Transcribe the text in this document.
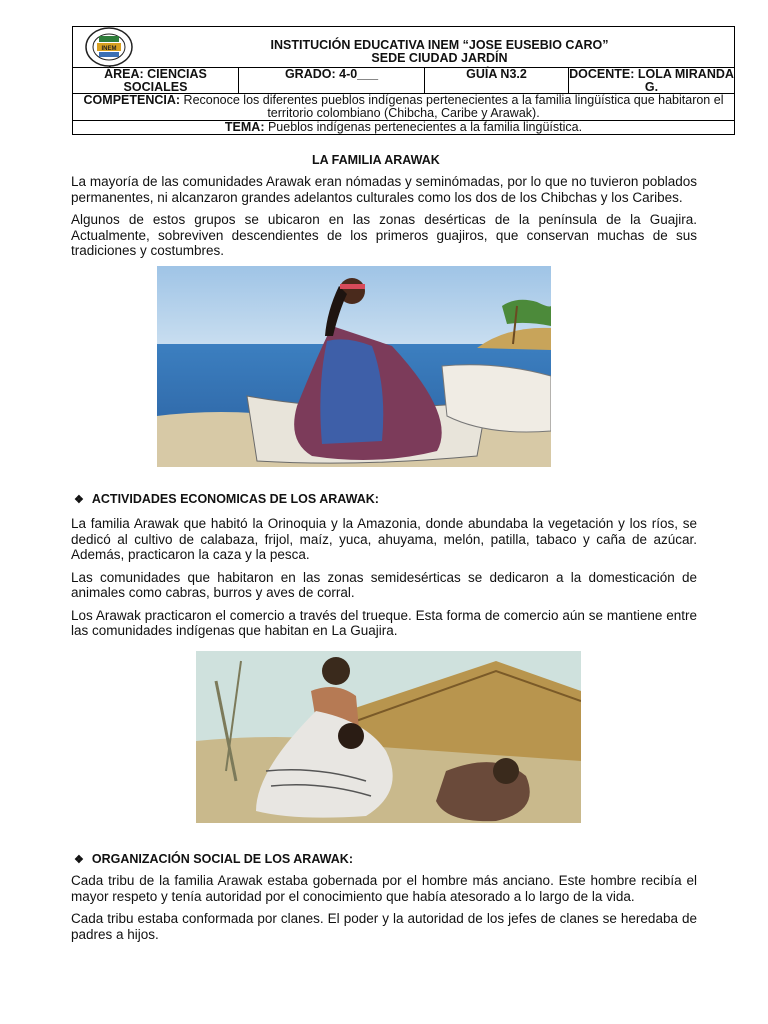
INEM	INSTITUCIÓN EDUCATIVA INEM “JOSE EUSEBIO CARO”
SEDE CIUDAD JARDÍN
ÁREA: CIENCIAS SOCIALES
GRADO: 4-0___	GUÍA N3.2	DOCENTE: LOLA MIRANDA G.
COMPETENCIA: Reconoce los diferentes pueblos indígenas pertenecientes a la familia lingüística que habitaron el territorio colombiano (Chibcha, Caribe y Arawak).
TEMA: Pueblos indígenas pertenecientes a la familia lingüística.
LA FAMILIA ARAWAK

La mayoría de las comunidades Arawak eran nómadas y seminómadas, por lo que no tuvieron poblados permanentes, ni alcanzaron grandes adelantos culturales como los dos de los Chibchas y los Caribes.

Algunos de estos grupos se ubicaron en las zonas desérticas de la península de la Guajira. Actualmente, sobreviven descendientes de los primeros guajiros, que conservan muchas de sus tradiciones y costumbres.

❖ ACTIVIDADES ECONOMICAS DE LOS ARAWAK:

La familia Arawak que habitó la Orinoquia y la Amazonia, donde abundaba la vegetación y los ríos, se dedicó al cultivo de calabaza, frijol, maíz, yuca, ahuyama, melón, patilla, tabaco y caña de azúcar. Además, practicaron la caza y la pesca.

Las comunidades que habitaron en las zonas semidesérticas se dedicaron a la domesticación de animales como cabras, burros y aves de corral.

Los Arawak practicaron el comercio a través del trueque. Esta forma de comercio aún se mantiene entre las comunidades indígenas que habitan en La Guajira.

❖ ORGANIZACIÓN SOCIAL DE LOS ARAWAK:

Cada tribu de la familia Arawak estaba gobernada por el hombre más anciano. Este hombre recibía el mayor respeto y tenía autoridad por el conocimiento que había atesorado a lo largo de la vida.

Cada tribu estaba conformada por clanes. El poder y la autoridad de los jefes de clanes se heredaba de padres a hijos.
